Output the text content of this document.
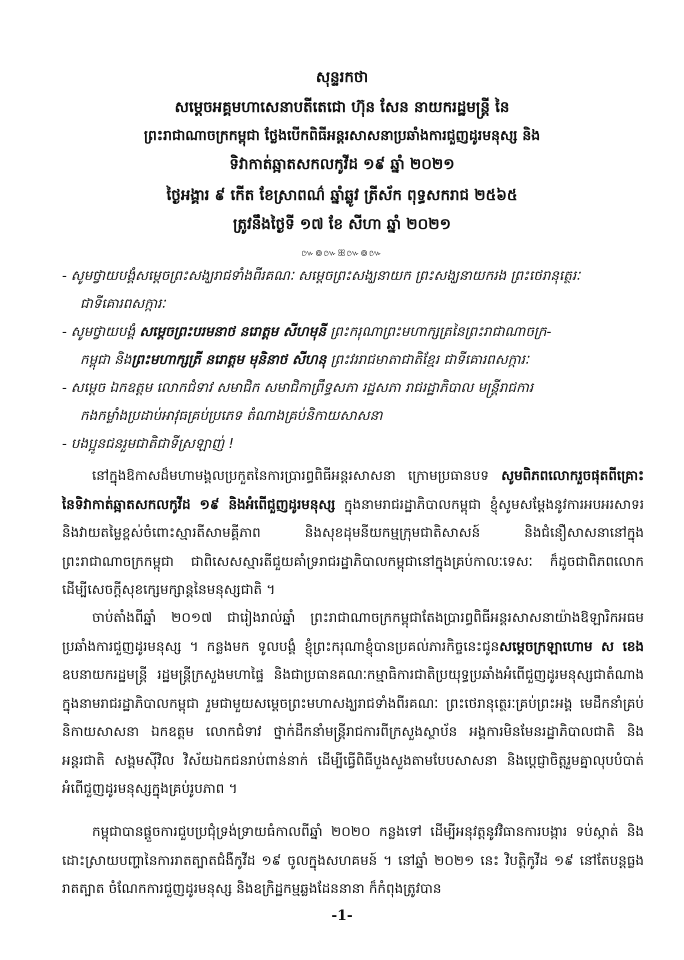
សុន្ទរកថា
សម្ដេចអគ្គមហាសេនាបតីតេជោ ហ៊ុន សែន នាយករដ្ឋមន្ត្រី នៃ
ព្រះរាជាណាចក្រកម្ពុជា ថ្លែងបើកពិធីអន្តរសាសនាប្រឆាំងការជួញដូរមនុស្ស និង
ទិវាកាត់ឆ្អាតសកលកូវីដ ១៩ ឆ្នាំ ២០២១
ថ្ងៃអង្គារ ៩ កើត ខែស្រាពណ៌ ឆ្នាំឆ្លូវ ត្រីស័ក ពុទ្ធសករាជ ២៥៦៥
ត្រូវនឹងថ្ងៃទី ១៧ ខែ សីហា ឆ្នាំ ២០២១
៚៙៚ꕥ៚៙៚
- សូមថ្វាយបង្គំសម្ដេចព្រះសង្ឃរាជទាំងពីរគណៈ សម្ដេចព្រះសង្ឃនាយក ព្រះសង្ឃនាយករង ព្រះថេរានុត្ថេរៈ
ជាទីគោរពសក្ការៈ
- សូមថ្វាយបង្គំ សម្ដេចព្រះបរមនាថ នរោត្តម សីហមុនី ព្រះករុណាព្រះមហាក្សត្រនៃព្រះរាជាណាចក្រ-
កម្ពុជា និងព្រះមហាក្សត្រី នរោត្តម មុនិនាថ សីហនុ ព្រះវររាជមាតាជាតិខ្មែរ ជាទីគោរពសក្ការៈ
- សម្ដេច ឯកឧត្តម លោកជំទាវ សមាជិក សមាជិកាព្រឹទ្ធសភា រដ្ឋសភា រាជរដ្ឋាភិបាល មន្ត្រីរាជការ
កងកម្លាំងប្រដាប់អាវុធគ្រប់ប្រភេទ តំណាងគ្រប់និកាយសាសនា
- បងប្អូនជនរួមជាតិជាទីស្រឡាញ់ !
នៅក្នុងឱកាសដ៏មហាមង្គលប្រកួតនៃការប្រារព្ធពិធីអន្តរសាសនា ក្រោមប្រធានបទ សូមពិភពលោករួចផុតពីគ្រោះ នៃទិវាកាត់ឆ្អាតសកលកូវីដ ១៩ និងអំពើជួញដូរមនុស្ស ក្នុងនាមរាជរដ្ឋាភិបាលកម្ពុជា ខ្ញុំសូមសម្ដែងនូវការអបអរសាទរ និងវាយតម្លៃខ្ពស់ចំពោះស្មារតីសាមគ្គីភាព និងសុខដុមនីយកម្មក្រុមជាតិសាសន៍ និងជំនឿសាសនានៅក្នុងព្រះរាជាណាចក្រកម្ពុជា ជាពិសេសស្មារតីជួយគាំទ្ររាជរដ្ឋាភិបាលកម្ពុជានៅក្នុងគ្រប់កាលៈទេសៈ ក៏ដូចជាពិភពលោកដើម្បីសេចក្ដីសុខក្សេមក្សាន្តនៃមនុស្សជាតិ ។
ចាប់តាំងពីឆ្នាំ ២០១៧ ជារៀងរាល់ឆ្នាំ ព្រះរាជាណាចក្រកម្ពុជាតែងប្រារព្ធពិធីអន្តរសាសនាយ៉ាងឱឡារិកអធមប្រឆាំងការជួញដូរមនុស្ស ។ កន្លងមក ទូលបង្គំ ខ្ញុំព្រះករុណាខ្ញុំបានប្រគល់ភារកិច្ចនេះជូនសម្ដេចក្រឡាហោម ស ខេង ឧបនាយករដ្ឋមន្ត្រី រដ្ឋមន្ត្រីក្រសួងមហាផ្ទៃ និងជាប្រធានគណៈកម្មាធិការជាតិប្រយុទ្ធប្រឆាំងអំពើជួញដូរមនុស្សជាតំណាង ក្នុងនាមរាជរដ្ឋាភិបាលកម្ពុជា រួមជាមួយសម្ដេចព្រះមហាសង្ឃរាជទាំងពីរគណៈ ព្រះថេរានុត្ថេរៈគ្រប់ព្រះអង្គ មេដឹកនាំគ្រប់និកាយសាសនា ឯកឧត្តម លោកជំទាវ ថ្នាក់ដឹកនាំមន្ត្រីរាជការពីក្រសួងស្ថាប័ន អង្គការមិនមែនរដ្ឋាភិបាលជាតិ និងអន្តរជាតិ សង្គមស៊ីវិល វិស័យឯកជនរាប់ពាន់នាក់ ដើម្បីធ្វើពិធីបួងសួងតាមបែបសាសនា និងប្ដេជ្ញាចិត្តរួមគ្នាលុបបំបាត់អំពើជួញដូរមនុស្សក្នុងគ្រប់រូបភាព ។
កម្ពុជាបានផ្ដួចការជួបប្រជុំទ្រង់ទ្រាយធំកាលពីឆ្នាំ ២០២០ កន្លងទៅ ដើម្បីអនុវត្តនូវវិធានការបង្ការ ទប់ស្កាត់ និងដោះស្រាយបញ្ហានៃការរាតត្បាតជំងឺកូវីដ ១៩ ចូលក្នុងសហគមន៍ ។ នៅឆ្នាំ ២០២១ នេះ វិបត្តិកូវីដ ១៩ នៅតែបន្តធ្លងរាតត្បាត ចំណែកការជួញដូរមនុស្ស និងឧក្រិដ្ឋកម្មឆ្លងដែននានា ក៏កំពុងត្រូវបាន
-1-
